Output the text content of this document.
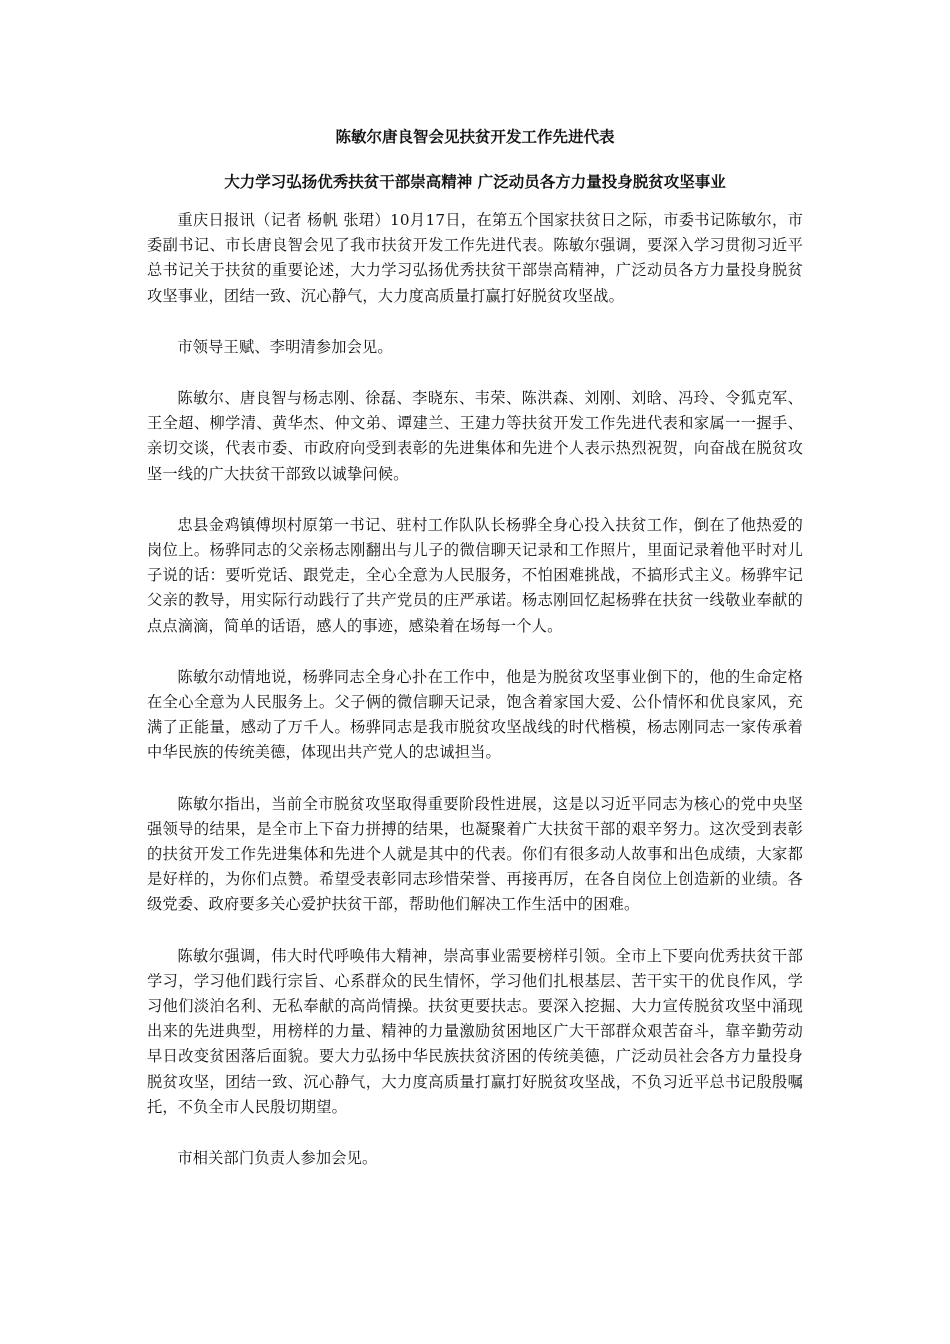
陈敏尔唐良智会见扶贫开发工作先进代表
大力学习弘扬优秀扶贫干部崇高精神 广泛动员各方力量投身脱贫攻坚事业

重庆日报讯（记者 杨帆 张珺）10月17日，在第五个国家扶贫日之际，市委书记陈敏尔，市委副书记、市长唐良智会见了我市扶贫开发工作先进代表。陈敏尔强调，要深入学习贯彻习近平总书记关于扶贫的重要论述，大力学习弘扬优秀扶贫干部崇高精神，广泛动员各方力量投身脱贫攻坚事业，团结一致、沉心静气，大力度高质量打赢打好脱贫攻坚战。

市领导王赋、李明清参加会见。

陈敏尔、唐良智与杨志刚、徐磊、李晓东、韦荣、陈洪森、刘刚、刘晗、冯玲、令狐克军、王全超、柳学清、黄华杰、仲文弟、谭建兰、王建力等扶贫开发工作先进代表和家属一一握手、亲切交谈，代表市委、市政府向受到表彰的先进集体和先进个人表示热烈祝贺，向奋战在脱贫攻坚一线的广大扶贫干部致以诚挚问候。

忠县金鸡镇傅坝村原第一书记、驻村工作队队长杨骅全身心投入扶贫工作，倒在了他热爱的岗位上。杨骅同志的父亲杨志刚翻出与儿子的微信聊天记录和工作照片，里面记录着他平时对儿子说的话：要听党话、跟党走，全心全意为人民服务，不怕困难挑战，不搞形式主义。杨骅牢记父亲的教导，用实际行动践行了共产党员的庄严承诺。杨志刚回忆起杨骅在扶贫一线敬业奉献的点点滴滴，简单的话语，感人的事迹，感染着在场每一个人。

陈敏尔动情地说，杨骅同志全身心扑在工作中，他是为脱贫攻坚事业倒下的，他的生命定格在全心全意为人民服务上。父子俩的微信聊天记录，饱含着家国大爱、公仆情怀和优良家风，充满了正能量，感动了万千人。杨骅同志是我市脱贫攻坚战线的时代楷模，杨志刚同志一家传承着中华民族的传统美德，体现出共产党人的忠诚担当。

陈敏尔指出，当前全市脱贫攻坚取得重要阶段性进展，这是以习近平同志为核心的党中央坚强领导的结果，是全市上下奋力拼搏的结果，也凝聚着广大扶贫干部的艰辛努力。这次受到表彰的扶贫开发工作先进集体和先进个人就是其中的代表。你们有很多动人故事和出色成绩，大家都是好样的，为你们点赞。希望受表彰同志珍惜荣誉、再接再厉，在各自岗位上创造新的业绩。各级党委、政府要多关心爱护扶贫干部，帮助他们解决工作生活中的困难。

陈敏尔强调，伟大时代呼唤伟大精神，崇高事业需要榜样引领。全市上下要向优秀扶贫干部学习，学习他们践行宗旨、心系群众的民生情怀，学习他们扎根基层、苦干实干的优良作风，学习他们淡泊名利、无私奉献的高尚情操。扶贫更要扶志。要深入挖掘、大力宣传脱贫攻坚中涌现出来的先进典型，用榜样的力量、精神的力量激励贫困地区广大干部群众艰苦奋斗，靠辛勤劳动早日改变贫困落后面貌。要大力弘扬中华民族扶贫济困的传统美德，广泛动员社会各方力量投身脱贫攻坚，团结一致、沉心静气，大力度高质量打赢打好脱贫攻坚战，不负习近平总书记殷殷嘱托，不负全市人民殷切期望。

市相关部门负责人参加会见。
